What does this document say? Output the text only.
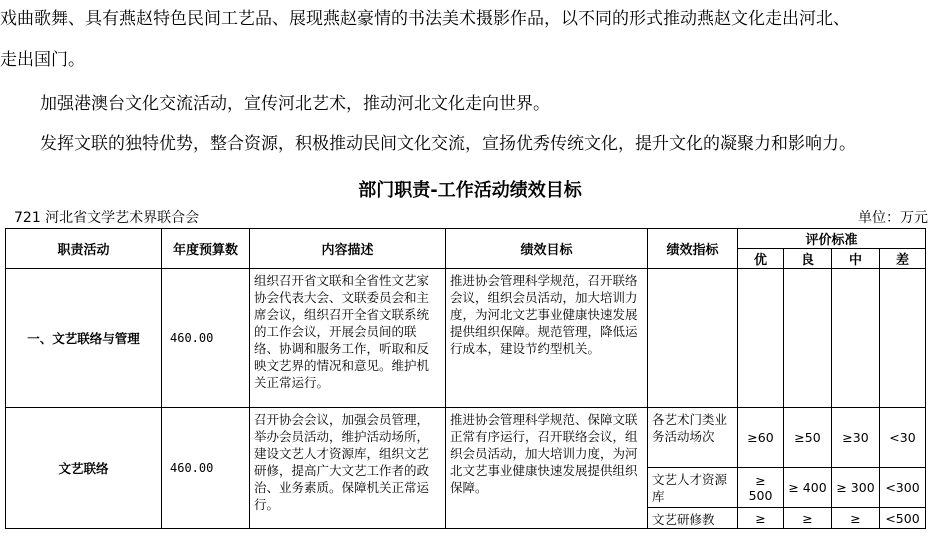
戏曲歌舞、具有燕赵特色民间工艺品、展现燕赵豪情的书法美术摄影作品，以不同的形式推动燕赵文化走出河北、
走出国门。
加强港澳台文化交流活动，宣传河北艺术，推动河北文化走向世界。
发挥文联的独特优势，整合资源，积极推动民间文化交流，宣扬优秀传统文化，提升文化的凝聚力和影响力。
部门职责-工作活动绩效目标
721 河北省文学艺术界联合会	单位：万元
职责活动	年度预算数	内容描述	绩效目标	绩效指标	评价标准			
					优	良	中	差
一、文艺联络与管理	460.00	组织召开省文联和全省性文艺家协会代表大会、文联委员会和主席会议，组织召开全省文联系统的工作会议，开展会员间的联络、协调和服务工作，听取和反映文艺界的情况和意见。维护机关正常运行。	推进协会管理科学规范，召开联络会议，组织会员活动，加大培训力度，为河北文艺事业健康快速发展提供组织保障。规范管理，降低运行成本，建设节约型机关。					
文艺联络	460.00	召开协会会议，加强会员管理，举办会员活动，维护活动场所，建设文艺人才资源库，组织文艺研修，提高广大文艺工作者的政治、业务素质。保障机关正常运行。	推进协会管理科学规范、保障文联正常有序运行，召开联络会议，组织会员活动，加大培训力度，为河北文艺事业健康快速发展提供组织保障。	各艺术门类业务活动场次	≥60	≥50	≥30	<30
				文艺人才资源库	≥ 500	≥ 400	≥ 300	<300
				文艺研修教	≥	≥	≥	<500
